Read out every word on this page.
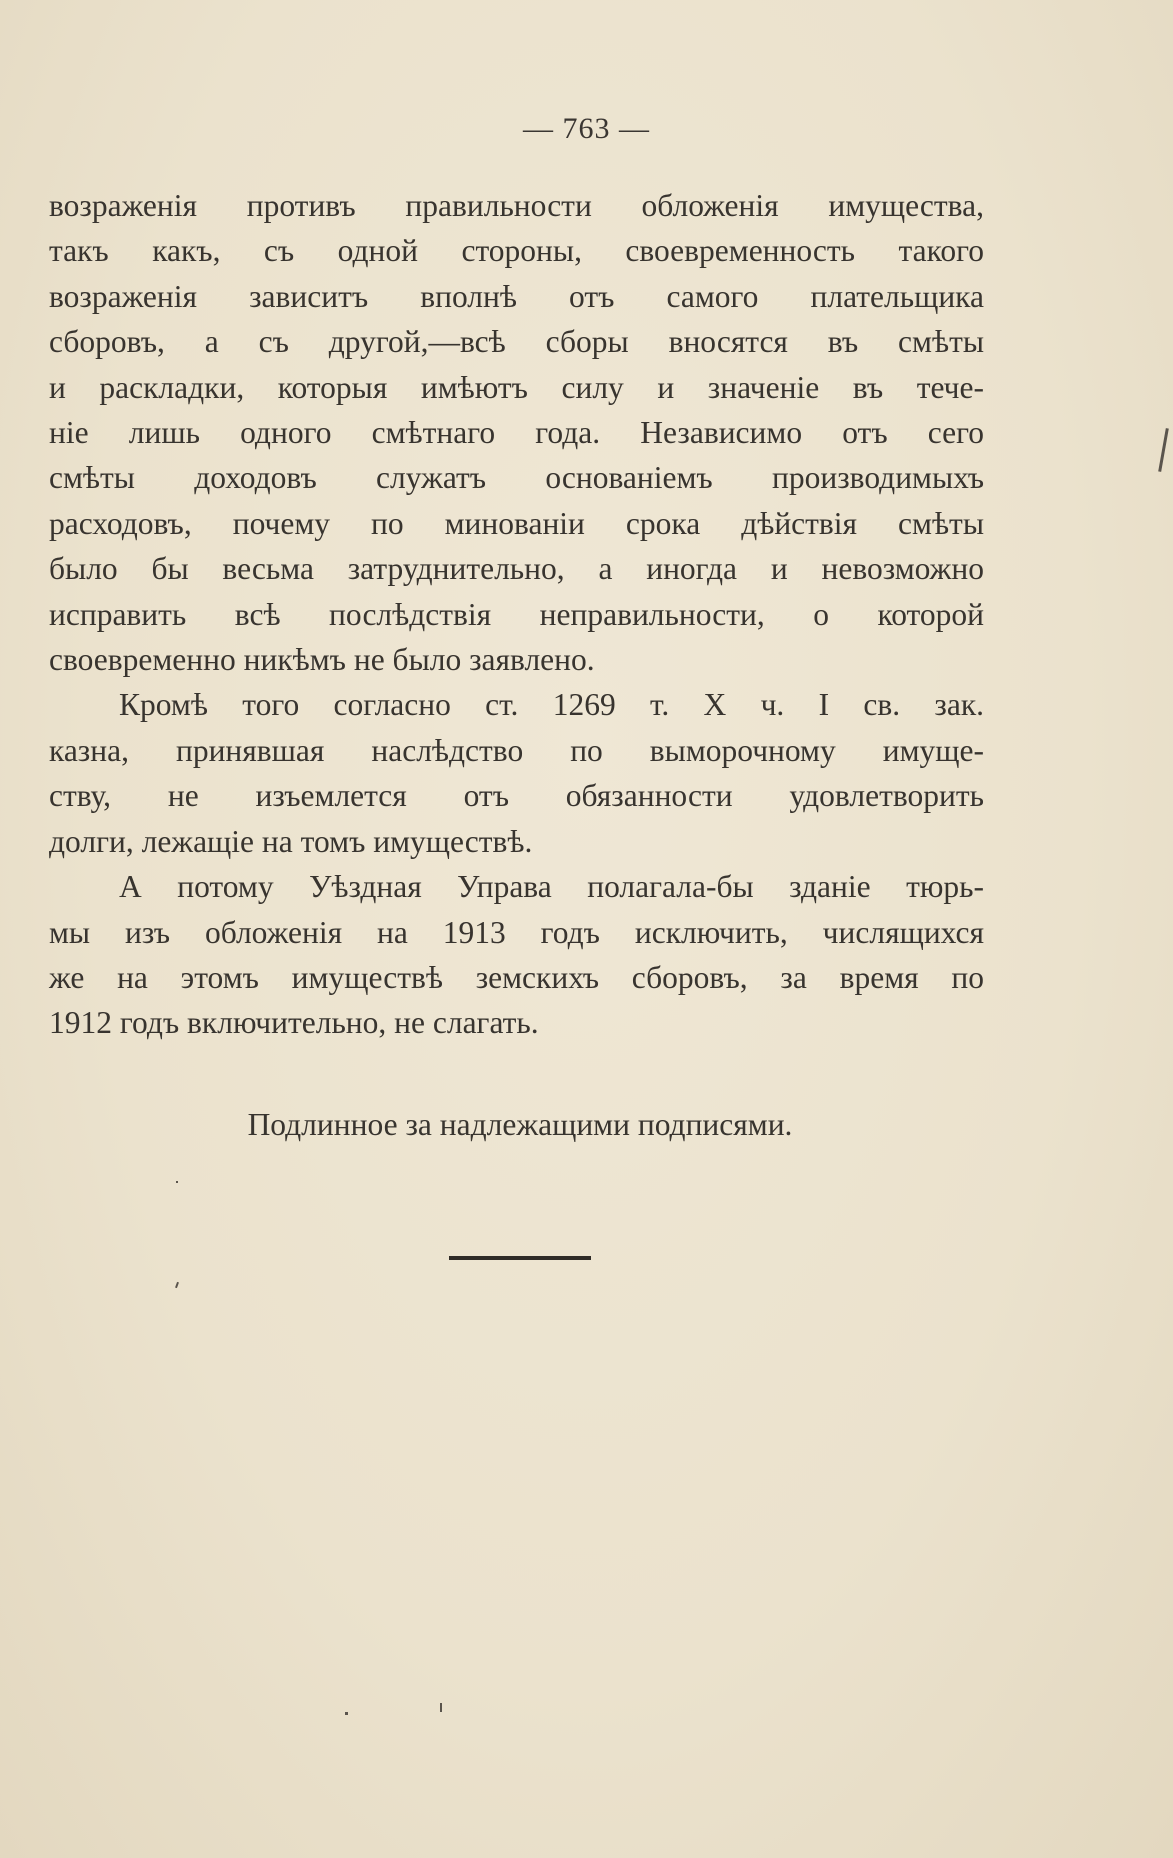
— 763 —
возраженія противъ правильности обложенія имущества,
такъ какъ, съ одной стороны, своевременность такого
возраженія зависитъ вполнѣ отъ самого плательщика
сборовъ, а съ другой,—всѣ сборы вносятся въ смѣты
и раскладки, которыя имѣютъ силу и значеніе въ тече-
ніе лишь одного смѣтнаго года. Независимо отъ сего
смѣты доходовъ служатъ основаніемъ производимыхъ
расходовъ, почему по минованіи срока дѣйствія смѣты
было бы весьма затруднительно, а иногда и невозможно
исправить всѣ послѣдствія неправильности, о которой
своевременно никѣмъ не было заявлено.
Кромѣ того согласно ст. 1269 т. X ч. I св. зак.
казна, принявшая наслѣдство по выморочному имуще-
ству, не изъемлется отъ обязанности удовлетворить
долги, лежащіе на томъ имуществѣ.
А потому Уѣздная Управа полагала-бы зданіе тюрь-
мы изъ обложенія на 1913 годъ исключить, числящихся
же на этомъ имуществѣ земскихъ сборовъ, за время по
1912 годъ включительно, не слагать.
Подлинное за надлежащими подписями.
